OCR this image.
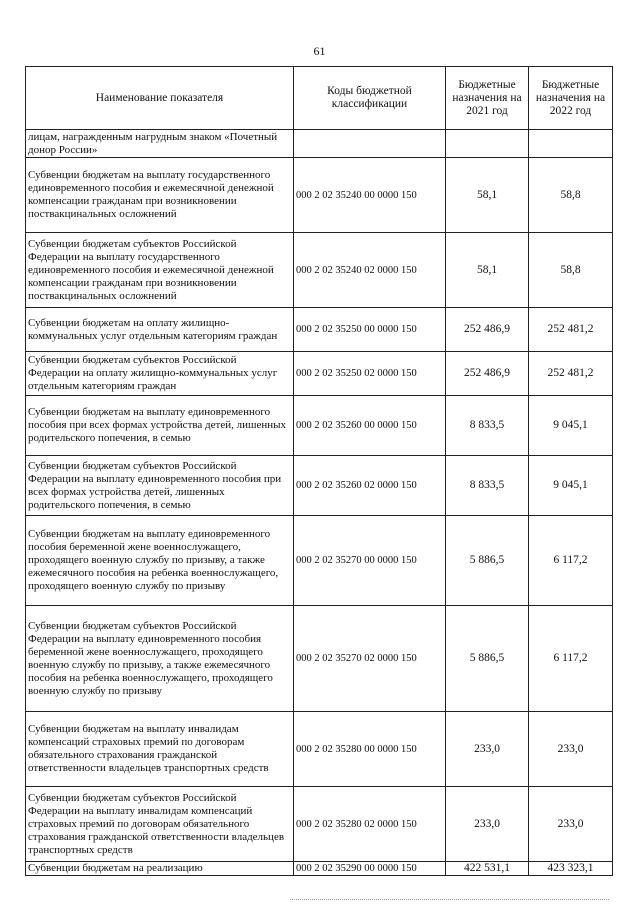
61
Наименование показателя	Коды бюджетной классификации	Бюджетные назначения на 2021 год	Бюджетные назначения на 2022 год
лицам, награжденным нагрудным знаком «Почетный донор России»			
Субвенции бюджетам на выплату государственного единовременного пособия и ежемесячной денежной компенсации гражданам при возникновении поствакцинальных осложнений	000 2 02 35240 00 0000 150	58,1	58,8
Субвенции бюджетам субъектов Российской Федерации на выплату государственного единовременного пособия и ежемесячной денежной компенсации гражданам при возникновении поствакцинальных осложнений	000 2 02 35240 02 0000 150	58,1	58,8
Субвенции бюджетам на оплату жилищно-коммунальных услуг отдельным категориям граждан	000 2 02 35250 00 0000 150	252 486,9	252 481,2
Субвенции бюджетам субъектов Российской Федерации на оплату жилищно-коммунальных услуг отдельным категориям граждан	000 2 02 35250 02 0000 150	252 486,9	252 481,2
Субвенции бюджетам на выплату единовременного пособия при всех формах устройства детей, лишенных родительского попечения, в семью	000 2 02 35260 00 0000 150	8 833,5	9 045,1
Субвенции бюджетам субъектов Российской Федерации на выплату единовременного пособия при всех формах устройства детей, лишенных родительского попечения, в семью	000 2 02 35260 02 0000 150	8 833,5	9 045,1
Субвенции бюджетам на выплату единовременного пособия беременной жене военнослужащего, проходящего военную службу по призыву, а также ежемесячного пособия на ребенка военнослужащего, проходящего военную службу по призыву	000 2 02 35270 00 0000 150	5 886,5	6 117,2
Субвенции бюджетам субъектов Российской Федерации на выплату единовременного пособия беременной жене военнослужащего, проходящего военную службу по призыву, а также ежемесячного пособия на ребенка военнослужащего, проходящего военную службу по призыву	000 2 02 35270 02 0000 150	5 886,5	6 117,2
Субвенции бюджетам на выплату инвалидам компенсаций страховых премий по договорам обязательного страхования гражданской ответственности владельцев транспортных средств	000 2 02 35280 00 0000 150	233,0	233,0
Субвенции бюджетам субъектов Российской Федерации на выплату инвалидам компенсаций страховых премий по договорам обязательного страхования гражданской ответственности владельцев транспортных средств	000 2 02 35280 02 0000 150	233,0	233,0
Субвенции бюджетам на реализацию	000 2 02 35290 00 0000 150	422 531,1	423 323,1
